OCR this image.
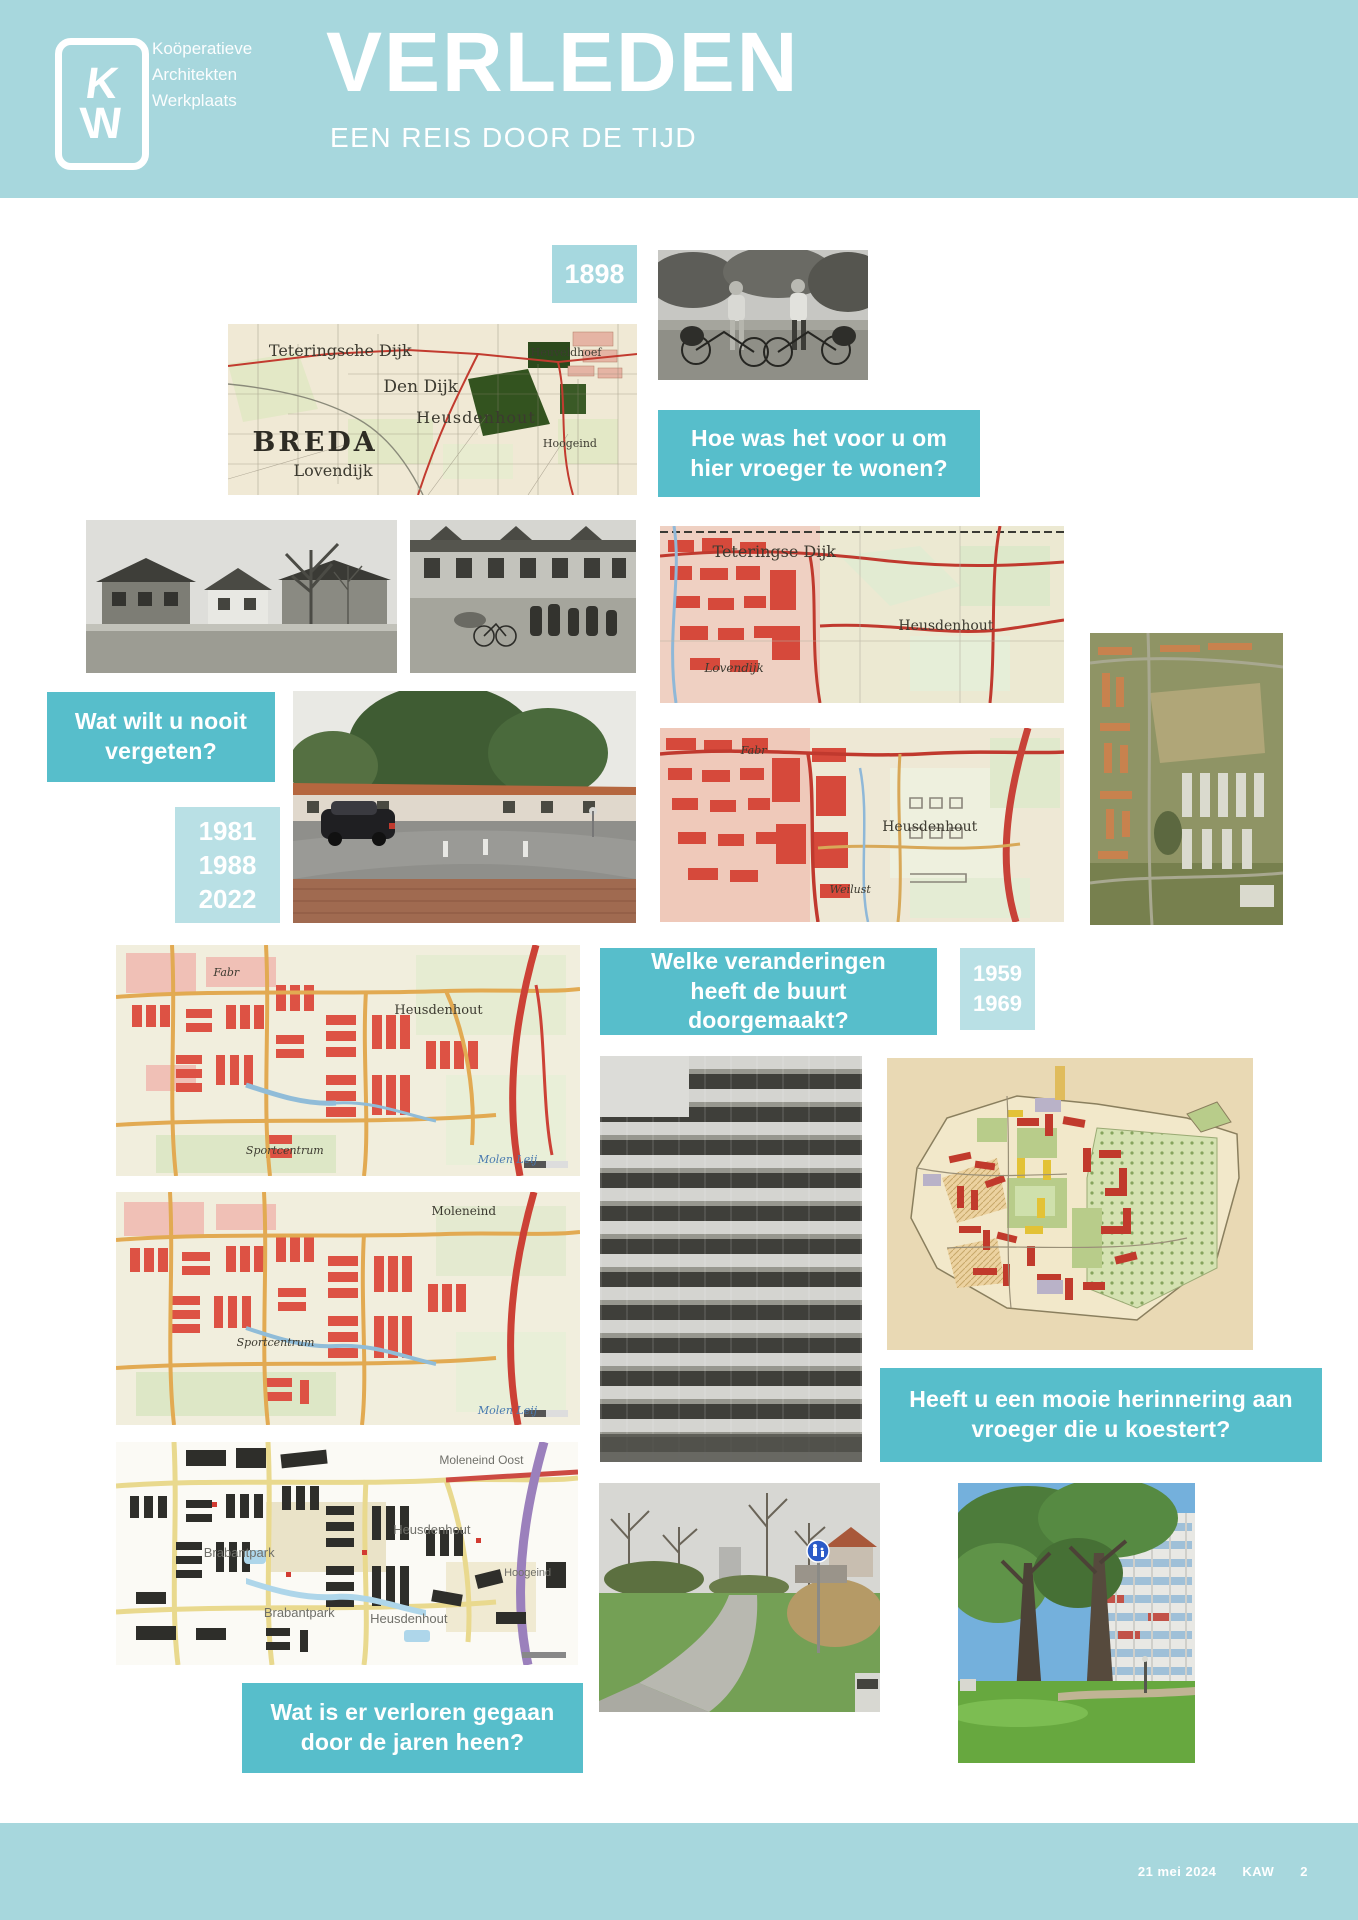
K
W
Koöperatieve
Architekten
Werkplaats VERLEDEN
EEN REIS DOOR DE TIJD
1898
1981
1988
2022
1959
1969
Hoe was het voor u om hier vroeger te wonen?
Wat wilt u nooit vergeten?
Welke veranderingen heeft de buurt doorgemaakt?
Heeft u een mooie herinnering aan vroeger die u koestert?
Wat is er verloren gegaan door de jaren heen?
Teteringsche Dijk
Den Dijk
Heusdenhout
BREDA
Lovendijk
Heuveldhoef
Hoogeind
Teteringse Dijk
Heusdenhout
Lovendijk
Fabr
Heusdenhout
Weilust
Fabr
Heusdenhout
Sportcentrum
Molen Leij
Moleneind
Sportcentrum
Molen Leij
Moleneind Oost
Heusdenhout
Brabantpark
Brabantpark	Heusdenhout
Hoogeind
21 mei 2024 KAW 2
